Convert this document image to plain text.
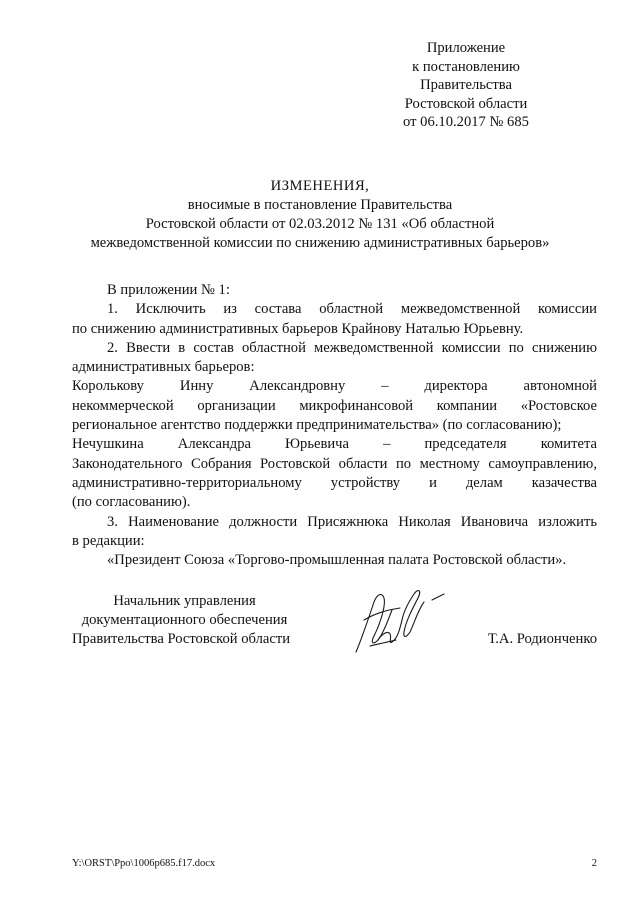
Приложение
к постановлению
Правительства
Ростовской области
от 06.10.2017 № 685
ИЗМЕНЕНИЯ,
вносимые в постановление Правительства
Ростовской области от 02.03.2012 № 131 «Об областной
межведомственной комиссии по снижению административных барьеров»

В приложении № 1:

1. Исключить из состава областной межведомственной комиссии

по снижению административных барьеров Крайнову Наталью Юрьевну.

2. Ввести в состав областной межведомственной комиссии по снижению

административных барьеров:

Королькову Инну Александровну – директора автономной

некоммерческой организации микрофинансовой компании «Ростовское

региональное агентство поддержки предпринимательства» (по согласованию);

Нечушкина Александра Юрьевича – председателя комитета

Законодательного Собрания Ростовской области по местному самоуправлению,

административно-территориальному устройству и делам казачества

(по согласованию).

3. Наименование должности Присяжнюка Николая Ивановича изложить

в редакции:

«Президент Союза «Торгово-промышленная палата Ростовской области».

Начальник управления
документационного обеспечения
Правительства Ростовской области	Т.А. Родионченко
Y:\ORST\Ppo\1006p685.f17.docx	2
